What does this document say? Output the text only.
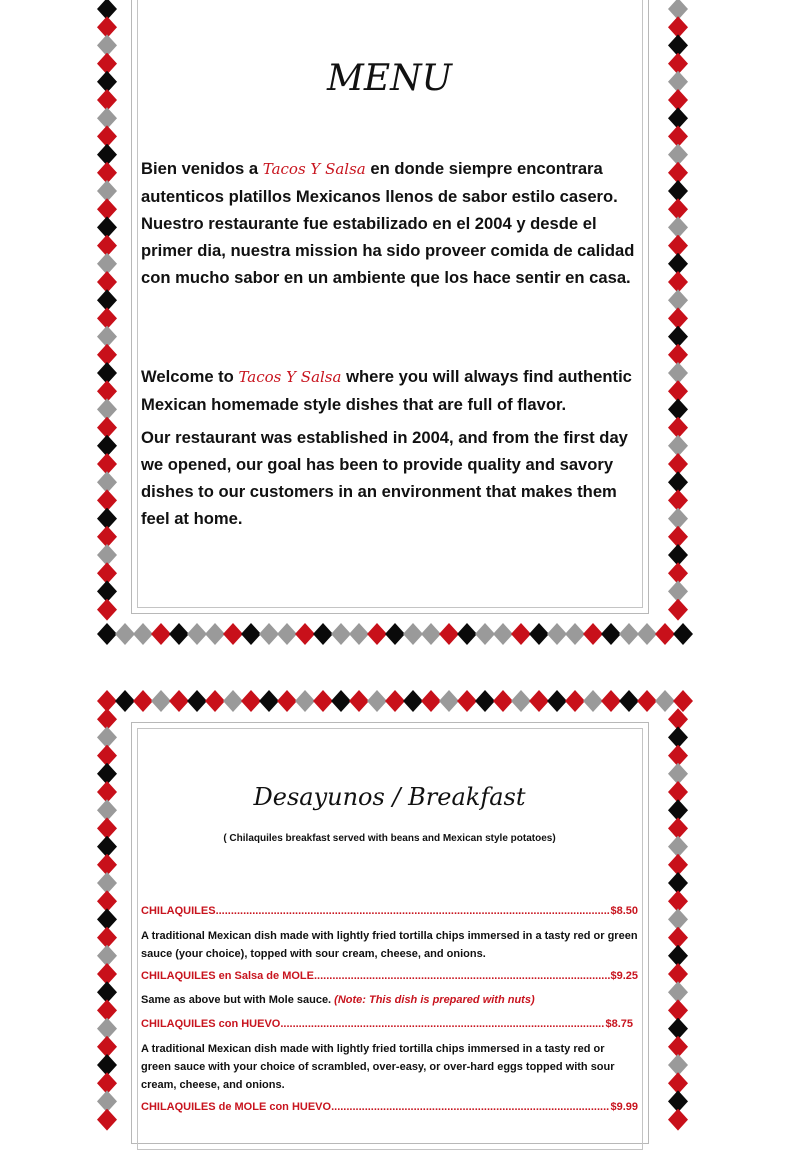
MENU

Bien venidos a Tacos Y Salsa en donde siempre encontrara autenticos platillos Mexicanos llenos de sabor estilo casero. Nuestro restaurante fue estabilizado en el 2004 y desde el primer dia, nuestra mission ha sido proveer comida de calidad con mucho sabor en un ambiente que los hace sentir en casa.

Welcome to Tacos Y Salsa where you will always find authentic Mexican homemade style dishes that are full of flavor.

Our restaurant was established in 2004, and from the first day we opened, our goal has been to provide quality and savory dishes to our customers in an environment that makes them feel at home.

Desayunos / Breakfast
( Chilaquiles breakfast served with beans and Mexican style potatoes)
CHILAQUILES .....	$8.50
A traditional Mexican dish made with lightly fried tortilla chips immersed in a tasty red or green sauce (your choice), topped with sour cream, cheese, and onions.
CHILAQUILES en Salsa de MOLE .....	$9.25
Same as above but with Mole sauce. (Note: This dish is prepared with nuts)
CHILAQUILES con HUEVO .....	$8.75
A traditional Mexican dish made with lightly fried tortilla chips immersed in a tasty red or green sauce with your choice of scrambled, over-easy, or over-hard eggs topped with sour cream, cheese, and onions.
CHILAQUILES de MOLE con HUEVO .....	$9.99
